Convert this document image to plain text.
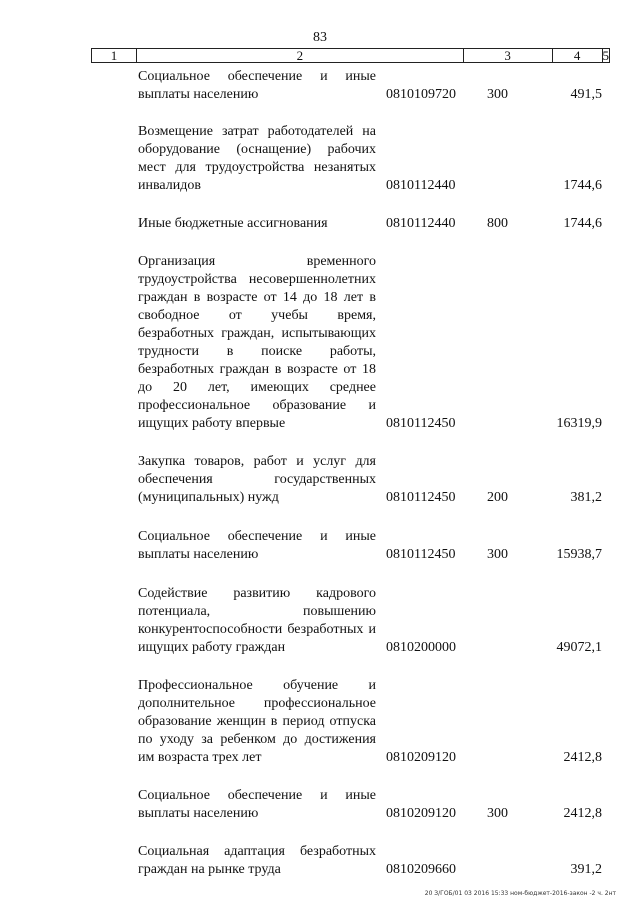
83
1	2	3	4	5
Социальное обеспечение и иные выплаты населению	0810109720 300	491,5
Возмещение затрат работодателей на оборудование (оснащение) рабочих мест для трудоустройства незанятых инвалидов	0810112440	1744,6
Иные бюджетные ассигнования	0810112440 800	1744,6
Организация временного трудоустройства несовершеннолетних граждан в возрасте от 14 до 18 лет в свободное от учебы время, безработных граждан, испытывающих трудности в поиске работы, безработных граждан в возрасте от 18 до 20 лет, имеющих среднее профессиональное образование и ищущих работу впервые	0810112450	16319,9
Закупка товаров, работ и услуг для обеспечения государственных (муниципальных) нужд	0810112450 200	381,2
Социальное обеспечение и иные выплаты населению	0810112450 300	15938,7
Содействие развитию кадрового потенциала, повышению конкурентоспособности безработных и ищущих работу граждан	0810200000	49072,1
Профессиональное обучение и дополнительное профессиональное образование женщин в период отпуска по уходу за ребенком до достижения им возраста трех лет	0810209120	2412,8
Социальное обеспечение и иные выплаты населению	0810209120 300	2412,8
Социальная адаптация безработных граждан на рынке труда	0810209660	391,2
20 З/ГОБ/01 03 2016 15:33 ном-бюджет-2016-закон -2 ч. 2нт
